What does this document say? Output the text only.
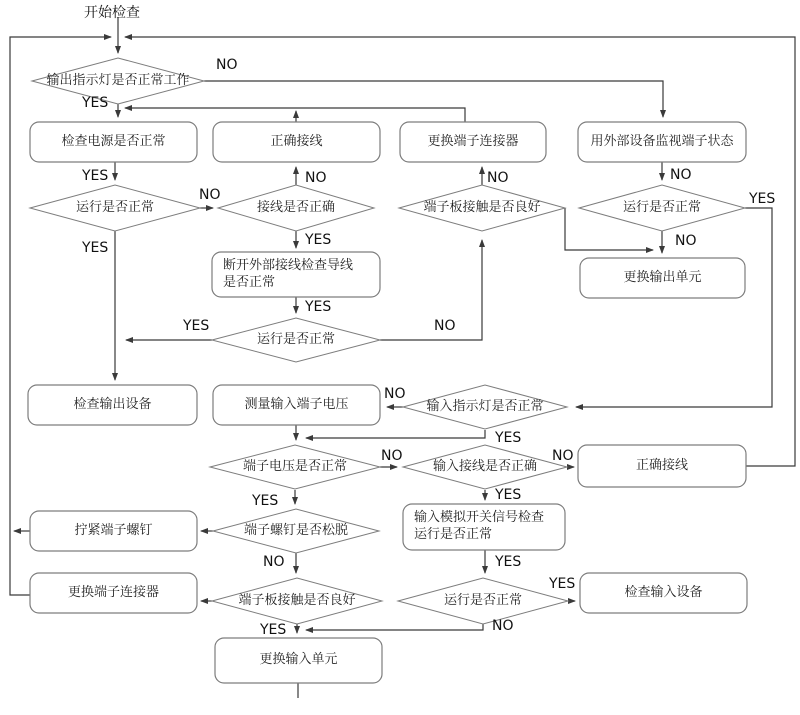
开始检查
输出指示灯是否正常工作
检查电源是否正常	正确接线	更换端子连接器	用外部设备监视端子状态
运行是否正常	接线是否正确	端子板接触是否良好	运行是否正常
更换输出单元
断开外部接线检查导线
是否正常
运行是否正常
检查输出设备	测量输入端子电压	输入指示灯是否正常
端子电压是否正常	输入接线是否正确	正确接线
拧紧端子螺钉	端子螺钉是否松脱
输入模拟开关信号检查
运行是否正常
更换端子连接器
端子板接触是否良好	运行是否正常
检查输入设备
更换输入单元
NO
YES
YES
NO
NO	NO	NO
YES
YES	NO
YES
YES	NO
YES
NO
YES
NO	NO
YES	YES
NO	YES
YES
NO
YES
